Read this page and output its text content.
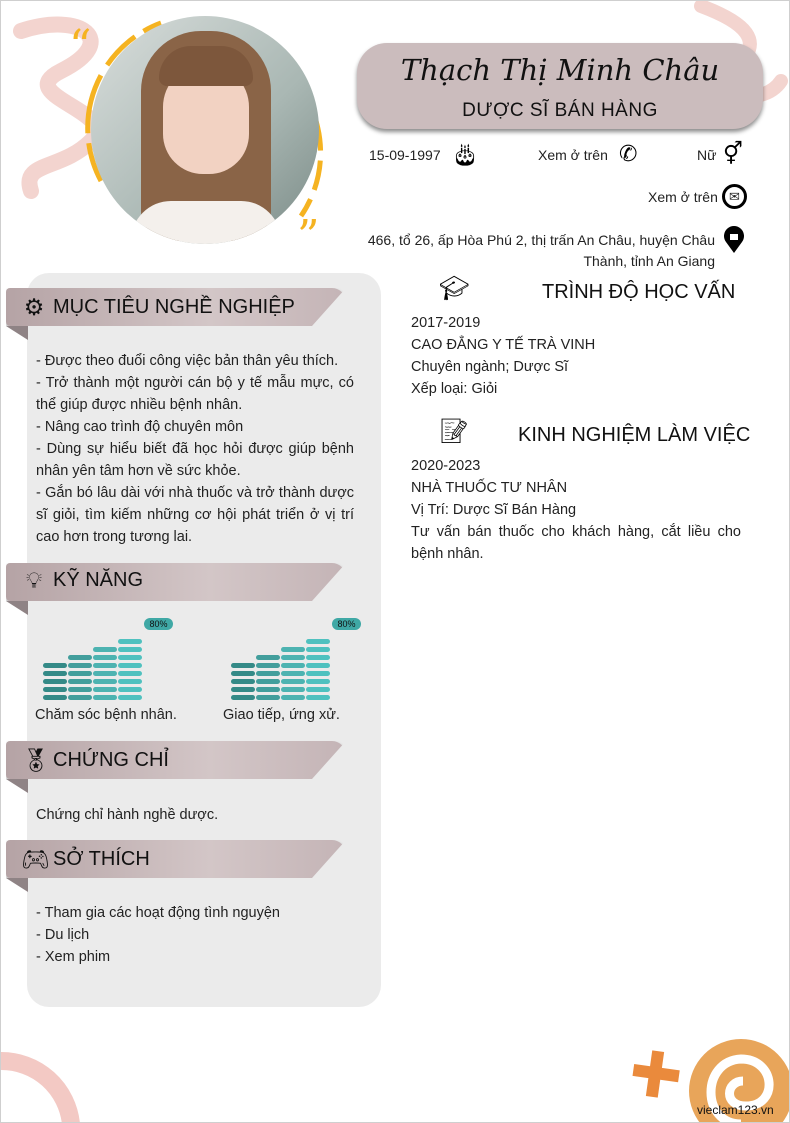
“
”
Thạch Thị Minh Châu
DƯỢC SĨ BÁN HÀNG
15-09-1997 🎂︎	Xem ở trên ✆	Nữ ⚥
Xem ở trên ✉
466, tổ 26, ấp Hòa Phú 2, thị trấn An Châu, huyện Châu
Thành, tỉnh An Giang
⚙ MỤC TIÊU NGHỀ NGHIỆP
- Được theo đuổi công việc bản thân yêu thích.
- Trở thành một người cán bộ y tế mẫu mực, có thể giúp được nhiều bệnh nhân.
- Nâng cao trình độ chuyên môn
- Dùng sự hiểu biết đã học hỏi được giúp bệnh nhân yên tâm hơn về sức khỏe.
- Gắn bó lâu dài với nhà thuốc và trở thành dược sĩ giỏi, tìm kiếm những cơ hội phát triển ở vị trí cao hơn trong tương lai.
💡︎ KỸ NĂNG
80%	80%
Chăm sóc bệnh nhân.	Giao tiếp, ứng xử.
🏅︎ CHỨNG CHỈ
Chứng chỉ hành nghề dược.
🎮︎ SỞ THÍCH
- Tham gia các hoạt động tình nguyện
- Du lịch
- Xem phim
🎓︎	TRÌNH ĐỘ HỌC VẤN
2017-2019
CAO ĐẲNG Y TẾ TRÀ VINH
Chuyên ngành; Dược Sĩ
Xếp loại: Giỏi
📝︎ KINH NGHIỆM LÀM VIỆC
2020-2023
NHÀ THUỐC TƯ NHÂN
Vị Trí: Dược Sĩ Bán Hàng
Tư vấn bán thuốc cho khách hàng, cắt liều cho bệnh nhân.
vieclam123.vn
